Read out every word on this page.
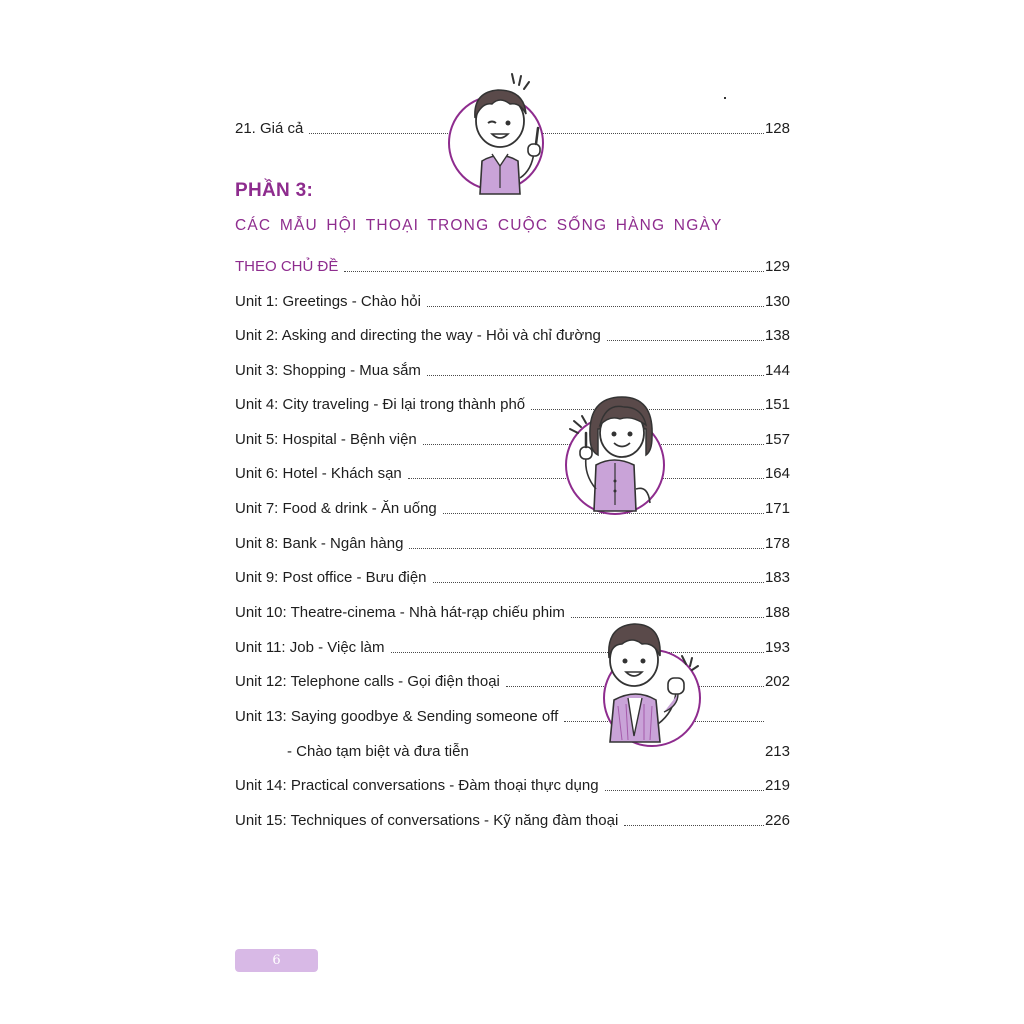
21. Giá cả	128
PHẦN 3:
CÁC MẪU HỘI THOẠI TRONG CUỘC SỐNG HÀNG NGÀY
THEO CHỦ ĐỀ	129
Unit 1: Greetings - Chào hỏi	130
Unit 2: Asking and directing the way - Hỏi và chỉ đường	138
Unit 3: Shopping - Mua sắm	144
Unit 4: City traveling - Đi lại trong thành phố	151
Unit 5: Hospital - Bệnh viện	157
Unit 6: Hotel - Khách sạn	164
Unit 7: Food & drink - Ăn uống	171
Unit 8: Bank - Ngân hàng	178
Unit 9: Post office - Bưu điện	183
Unit 10: Theatre-cinema - Nhà hát-rạp chiếu phim	188
Unit 11: Job - Việc làm	193
Unit 12: Telephone calls - Gọi điện thoại	202
Unit 13: Saying goodbye & Sending someone off
- Chào tạm biệt và đưa tiễn	213
Unit 14: Practical conversations - Đàm thoại thực dụng	219
Unit 15: Techniques of conversations - Kỹ năng đàm thoại	226
6
